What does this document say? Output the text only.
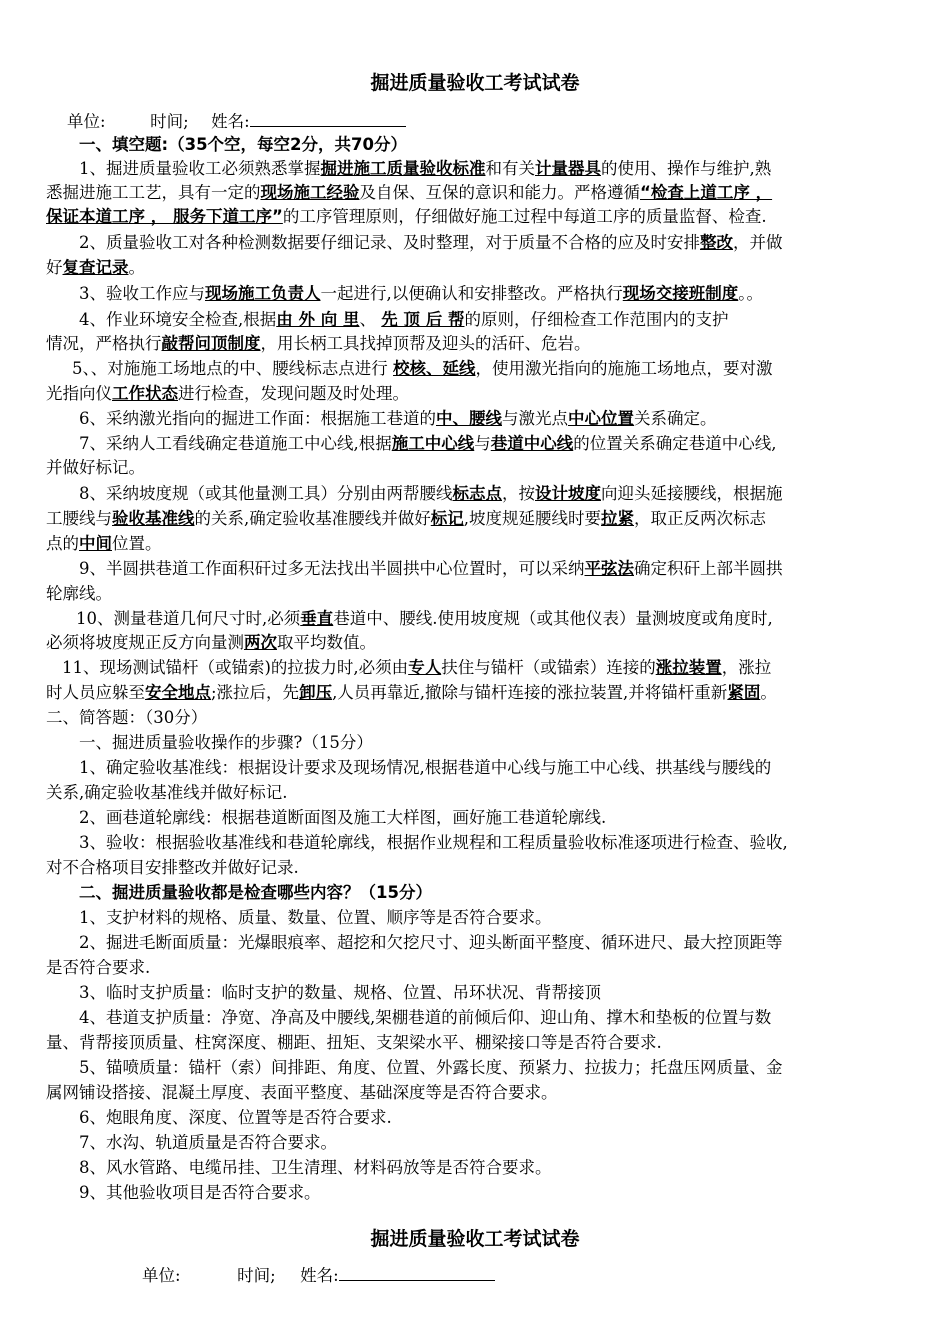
掘进质量验收工考试试卷
单位:	时间; 姓名:
一、填空题:（35个空，每空2分，共70分）
1、掘进质量验收工必须熟悉掌握掘进施工质量验收标准和有关计量器具的使用、操作与维护,熟
悉掘进施工工艺，具有一定的现场施工经验及自保、互保的意识和能力。严格遵循“检查上道工序 ，
保证本道工序 ， 服务下道工序”的工序管理原则，仔细做好施工过程中每道工序的质量监督、检查.
2、质量验收工对各种检测数据要仔细记录、及时整理，对于质量不合格的应及时安排整改，并做
好复查记录。
3、验收工作应与现场施工负责人一起进行,以便确认和安排整改。严格执行现场交接班制度。。
4、作业环境安全检查,根据由 外 向 里、 先 顶 后 帮的原则，仔细检查工作范围内的支护
情况，严格执行敲帮问顶制度，用长柄工具找掉顶帮及迎头的活矸、危岩。
5、、对施施工场地点的中、腰线标志点进行 校核、延线，使用激光指向的施施工场地点，要对激
光指向仪工作状态进行检查，发现问题及时处理。
6、采纳激光指向的掘进工作面：根据施工巷道的中、腰线与激光点中心位置关系确定。
7、采纳人工看线确定巷道施工中心线,根据施工中心线与巷道中心线的位置关系确定巷道中心线,
并做好标记。
8、采纳坡度规（或其他量测工具）分别由两帮腰线标志点，按设计坡度向迎头延接腰线，根据施
工腰线与验收基准线的关系,确定验收基准腰线并做好标记,坡度规延腰线时要拉紧，取正反两次标志
点的中间位置。
9、半圆拱巷道工作面积矸过多无法找出半圆拱中心位置时，可以采纳平弦法确定积矸上部半圆拱
轮廓线。
10、测量巷道几何尺寸时,必须垂直巷道中、腰线.使用坡度规（或其他仪表）量测坡度或角度时,
必须将坡度规正反方向量测两次取平均数值。
11、现场测试锚杆（或锚索)的拉拔力时,必须由专人扶住与锚杆（或锚索）连接的涨拉装置，涨拉
时人员应躲至安全地点;涨拉后，先卸压,人员再靠近,撤除与锚杆连接的涨拉装置,并将锚杆重新紧固。
二、简答题：（30分）
一、掘进质量验收操作的步骤?（15分）
1、确定验收基准线：根据设计要求及现场情况,根据巷道中心线与施工中心线、拱基线与腰线的
关系,确定验收基准线并做好标记.
2、画巷道轮廓线：根据巷道断面图及施工大样图，画好施工巷道轮廓线.
3、验收：根据验收基准线和巷道轮廓线，根据作业规程和工程质量验收标准逐项进行检查、验收,
对不合格项目安排整改并做好记录.
二、掘进质量验收都是检查哪些内容？（15分）
1、支护材料的规格、质量、数量、位置、顺序等是否符合要求。
2、掘进毛断面质量：光爆眼痕率、超挖和欠挖尺寸、迎头断面平整度、循环进尺、最大控顶距等
是否符合要求.
3、临时支护质量：临时支护的数量、规格、位置、吊环状况、背帮接顶
4、巷道支护质量：净宽、净高及中腰线,架棚巷道的前倾后仰、迎山角、撑木和垫板的位置与数
量、背帮接顶质量、柱窝深度、棚距、扭矩、支架梁水平、棚梁接口等是否符合要求.
5、锚喷质量：锚杆（索）间排距、角度、位置、外露长度、预紧力、拉拔力；托盘压网质量、金
属网铺设搭接、混凝土厚度、表面平整度、基础深度等是否符合要求。
6、炮眼角度、深度、位置等是否符合要求.
7、水沟、轨道质量是否符合要求。
8、风水管路、电缆吊挂、卫生清理、材料码放等是否符合要求。
9、其他验收项目是否符合要求。
掘进质量验收工考试试卷
单位:	时间; 姓名:
